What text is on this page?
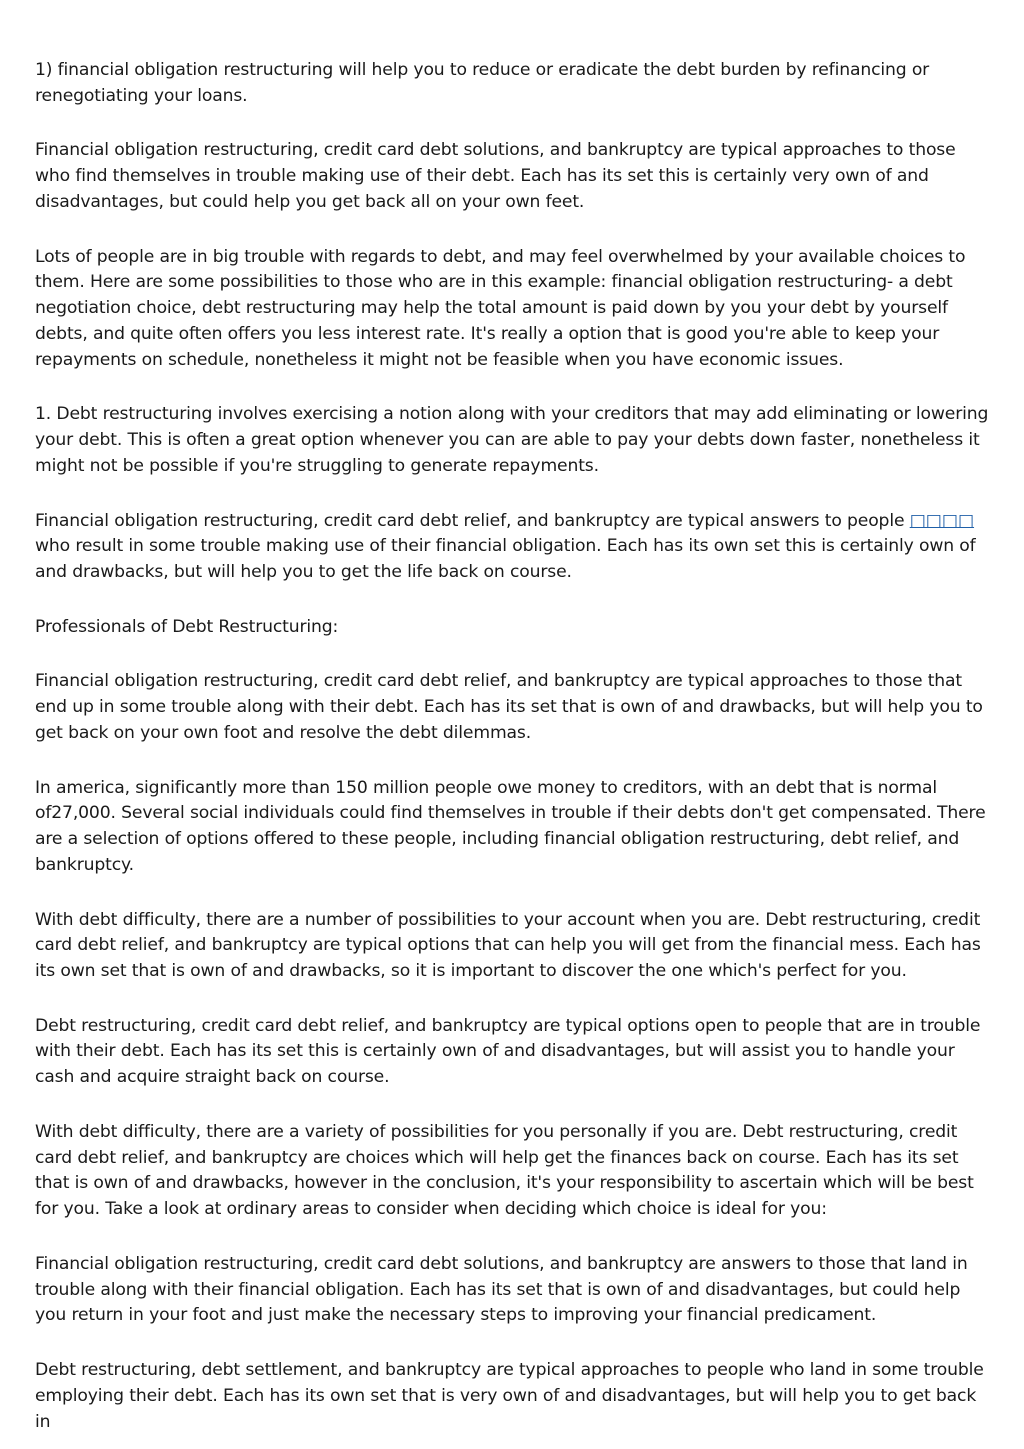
1) financial obligation restructuring will help you to reduce or eradicate the debt burden by refinancing or renegotiating your loans.

Financial obligation restructuring, credit card debt solutions, and bankruptcy are typical approaches to those who find themselves in trouble making use of their debt. Each has its set this is certainly very own of and disadvantages, but could help you get back all on your own feet.

Lots of people are in big trouble with regards to debt, and may feel overwhelmed by your available choices to them. Here are some possibilities to those who are in this example: financial obligation restructuring- a debt negotiation choice, debt restructuring may help the total amount is paid down by you your debt by yourself debts, and quite often offers you less interest rate. It's really a option that is good you're able to keep your repayments on schedule, nonetheless it might not be feasible when you have economic issues.

1. Debt restructuring involves exercising a notion along with your creditors that may add eliminating or lowering your debt. This is often a great option whenever you can are able to pay your debts down faster, nonetheless it might not be possible if you're struggling to generate repayments.

Financial obligation restructuring, credit card debt relief, and bankruptcy are typical answers to people □□□□ who result in some trouble making use of their financial obligation. Each has its own set this is certainly own of and drawbacks, but will help you to get the life back on course.

Professionals of Debt Restructuring:

Financial obligation restructuring, credit card debt relief, and bankruptcy are typical approaches to those that end up in some trouble along with their debt. Each has its set that is own of and drawbacks, but will help you to get back on your own foot and resolve the debt dilemmas.

In america, significantly more than 150 million people owe money to creditors, with an debt that is normal of27,000. Several social individuals could find themselves in trouble if their debts don't get compensated. There are a selection of options offered to these people, including financial obligation restructuring, debt relief, and bankruptcy.

With debt difficulty, there are a number of possibilities to your account when you are. Debt restructuring, credit card debt relief, and bankruptcy are typical options that can help you will get from the financial mess. Each has its own set that is own of and drawbacks, so it is important to discover the one which's perfect for you.

Debt restructuring, credit card debt relief, and bankruptcy are typical options open to people that are in trouble with their debt. Each has its set this is certainly own of and disadvantages, but will assist you to handle your cash and acquire straight back on course.

With debt difficulty, there are a variety of possibilities for you personally if you are. Debt restructuring, credit card debt relief, and bankruptcy are choices which will help get the finances back on course. Each has its set that is own of and drawbacks, however in the conclusion, it's your responsibility to ascertain which will be best for you. Take a look at ordinary areas to consider when deciding which choice is ideal for you:

Financial obligation restructuring, credit card debt solutions, and bankruptcy are answers to those that land in trouble along with their financial obligation. Each has its set that is own of and disadvantages, but could help you return in your foot and just make the necessary steps to improving your financial predicament.

Debt restructuring, debt settlement, and bankruptcy are typical approaches to people who land in some trouble employing their debt. Each has its own set that is very own of and disadvantages, but will help you to get back in
